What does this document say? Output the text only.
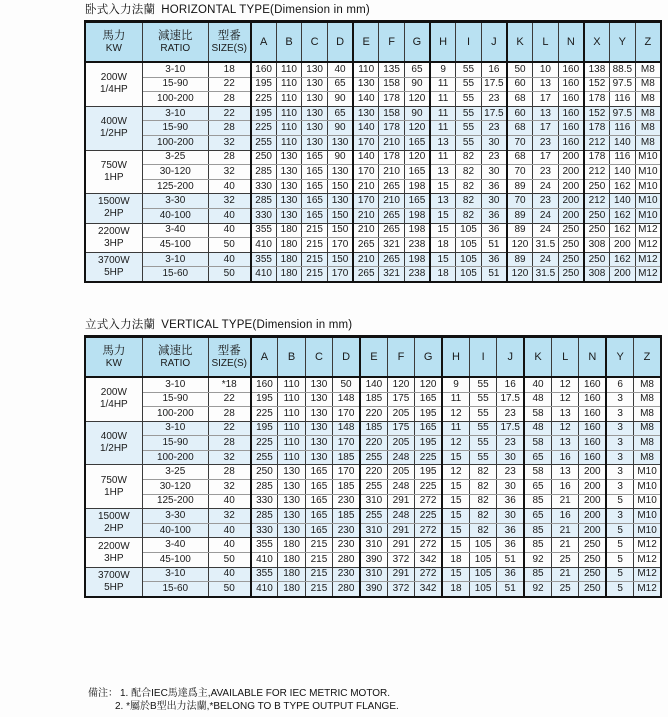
卧式入力法蘭 HORIZONTAL TYPE(Dimension in mm)
馬力
KW	減速比
RATIO	型番
SIZE(S)	A	B	C	D	E	F	G	H	I	J	K	L	N	X	Y	Z

200W
1/4HP	3-10	18	160	110	130	40	110	135	65	9	55	16	50	10	160	138	88.5	M8
	15-90	22	195	110	130	65	130	158	90	11	55	17.5	60	13	160	152	97.5	M8
	100-200	28	225	110	130	90	140	178	120	11	55	23	68	17	160	178	116	M8

400W
1/2HP	3-10	22	195	110	130	65	130	158	90	11	55	17.5	60	13	160	152	97.5	M8
	15-90	28	225	110	130	90	140	178	120	11	55	23	68	17	160	178	116	M8
	100-200	32	255	110	130	130	170	210	165	13	55	30	70	23	160	212	140	M8

750W
1HP	3-25	28	250	130	165	90	140	178	120	11	82	23	68	17	200	178	116	M10
	30-120	32	285	130	165	130	170	210	165	13	82	30	70	23	200	212	140	M10
	125-200	40	330	130	165	150	210	265	198	15	82	36	89	24	200	250	162	M10

1500W
2HP	3-30	32	285	130	165	130	170	210	165	13	82	30	70	23	200	212	140	M10
	40-100	40	330	130	165	150	210	265	198	15	82	36	89	24	200	250	162	M10

2200W
3HP	3-40	40	355	180	215	150	210	265	198	15	105	36	89	24	250	250	162	M12
	45-100	50	410	180	215	170	265	321	238	18	105	51	120	31.5	250	308	200	M12

3700W
5HP	3-10	40	355	180	215	150	210	265	198	15	105	36	89	24	250	250	162	M12
	15-60	50	410	180	215	170	265	321	238	18	105	51	120	31.5	250	308	200	M12
立式入力法蘭 VERTICAL TYPE(Dimension in mm)
馬力
KW	減速比
RATIO	型番
SIZE(S)	A	B	C	D	E	F	G	H	I	J	K	L	N	Y	Z

200W
1/4HP	3-10	*18	160	110	130	50	140	120	120	9	55	16	40	12	160	6	M8
	15-90	22	195	110	130	148	185	175	165	11	55	17.5	48	12	160	3	M8
	100-200	28	225	110	130	170	220	205	195	12	55	23	58	13	160	3	M8

400W
1/2HP	3-10	22	195	110	130	148	185	175	165	11	55	17.5	48	12	160	3	M8
	15-90	28	225	110	130	170	220	205	195	12	55	23	58	13	160	3	M8
	100-200	32	255	110	130	185	255	248	225	15	55	30	65	16	160	3	M8

750W
1HP	3-25	28	250	130	165	170	220	205	195	12	82	23	58	13	200	3	M10
	30-120	32	285	130	165	185	255	248	225	15	82	30	65	16	200	3	M10
	125-200	40	330	130	165	230	310	291	272	15	82	36	85	21	200	5	M10

1500W
2HP	3-30	32	285	130	165	185	255	248	225	15	82	30	65	16	200	3	M10
	40-100	40	330	130	165	230	310	291	272	15	82	36	85	21	200	5	M10

2200W
3HP	3-40	40	355	180	215	230	310	291	272	15	105	36	85	21	250	5	M12
	45-100	50	410	180	215	280	390	372	342	18	105	51	92	25	250	5	M12

3700W
5HP	3-10	40	355	180	215	230	310	291	272	15	105	36	85	21	250	5	M12
	15-60	50	410	180	215	280	390	372	342	18	105	51	92	25	250	5	M12
備注： 1. 配合IEC馬達爲主,AVAILABLE FOR IEC METRIC MOTOR.
2. *屬於B型出力法蘭,*BELONG TO B TYPE OUTPUT FLANGE.
